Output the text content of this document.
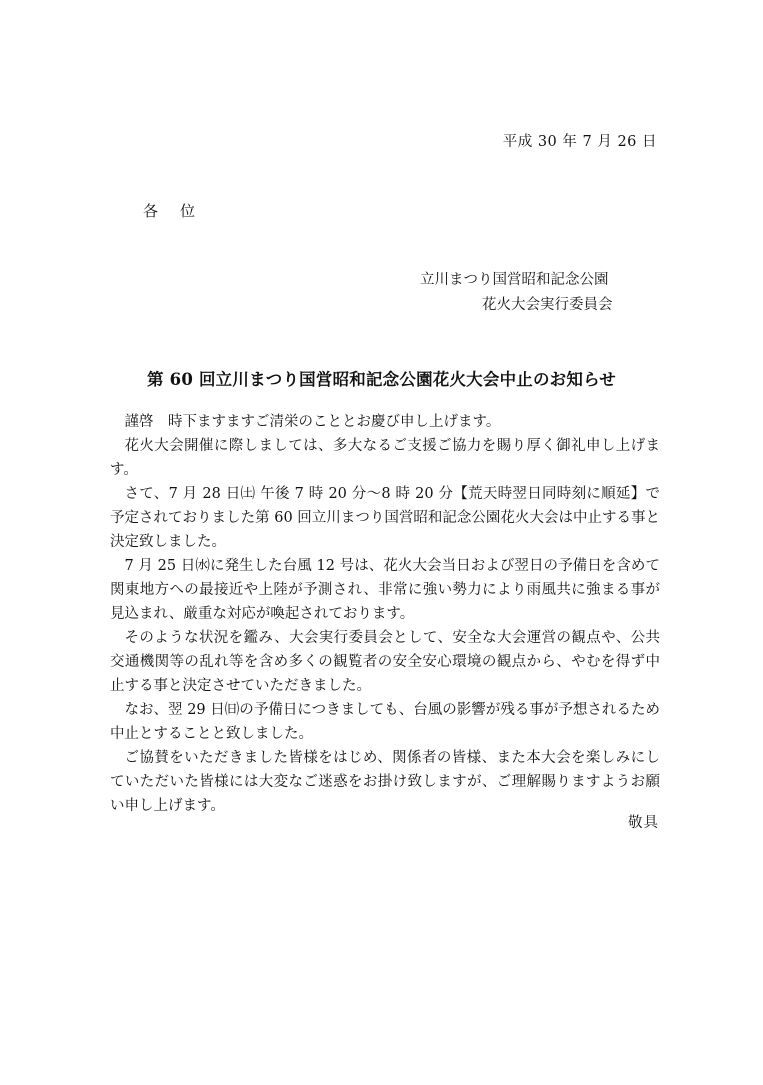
平成 30 年 7 月 26 日
各位
立川まつり国営昭和記念公園
花火大会実行委員会
第 60 回立川まつり国営昭和記念公園花火大会中止のお知らせ

謹啓　時下ますますご清栄のこととお慶び申し上げます。

花火大会開催に際しましては、多大なるご支援ご協力を賜り厚く御礼申し上げます。

さて、7 月 28 日㈯ 午後 7 時 20 分～8 時 20 分【荒天時翌日同時刻に順延】で予定されておりました第 60 回立川まつり国営昭和記念公園花火大会は中止する事と決定致しました。

7 月 25 日㈬に発生した台風 12 号は、花火大会当日および翌日の予備日を含めて関東地方への最接近や上陸が予測され、非常に強い勢力により雨風共に強まる事が見込まれ、厳重な対応が喚起されております。

そのような状況を鑑み、大会実行委員会として、安全な大会運営の観点や、公共交通機関等の乱れ等を含め多くの観覧者の安全安心環境の観点から、やむを得ず中止する事と決定させていただきました。

なお、翌 29 日㈰の予備日につきましても、台風の影響が残る事が予想されるため中止とすることと致しました。

ご協賛をいただきました皆様をはじめ、関係者の皆様、また本大会を楽しみにしていただいた皆様には大変なご迷惑をお掛け致しますが、ご理解賜りますようお願い申し上げます。

敬具
